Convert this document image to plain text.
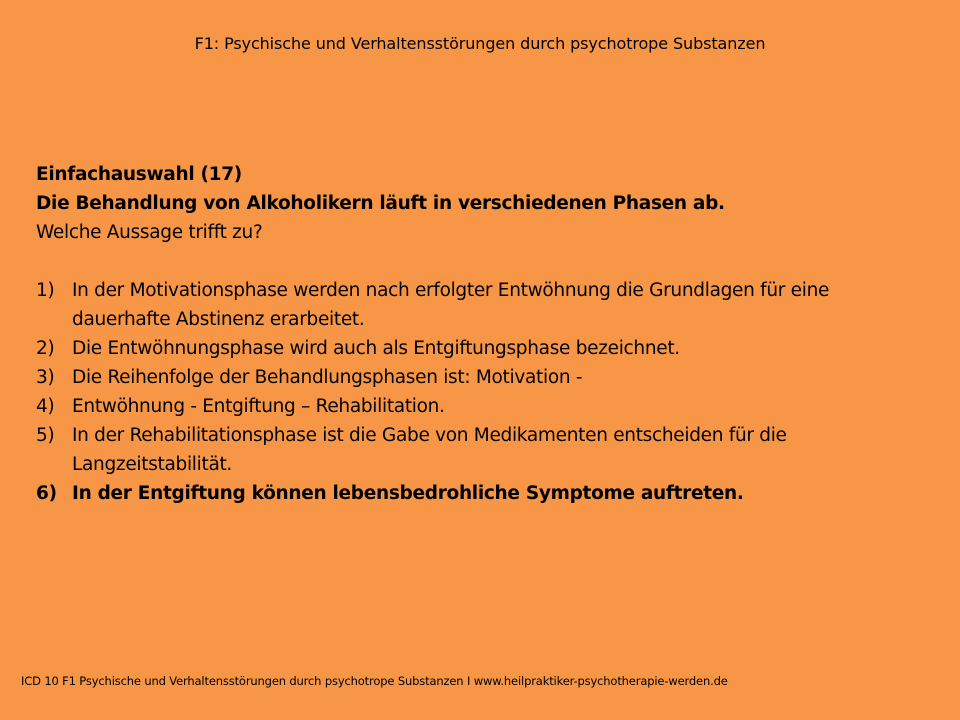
F1: Psychische und Verhaltensstörungen durch psychotrope Substanzen
Einfachauswahl (17)
Die Behandlung von Alkoholikern läuft in verschiedenen Phasen ab.
Welche Aussage trifft zu?
1) In der Motivationsphase werden nach erfolgter Entwöhnung die Grundlagen für eine dauerhafte Abstinenz erarbeitet.
2) Die Entwöhnungsphase wird auch als Entgiftungsphase bezeichnet.
3) Die Reihenfolge der Behandlungsphasen ist: Motivation -
4) Entwöhnung - Entgiftung – Rehabilitation.
5) In der Rehabilitationsphase ist die Gabe von Medikamenten entscheiden für die Langzeitstabilität.
6) In der Entgiftung können lebensbedrohliche Symptome auftreten.
ICD 10 F1 Psychische und Verhaltensstörungen durch psychotrope Substanzen I www.heilpraktiker-psychotherapie-werden.de
